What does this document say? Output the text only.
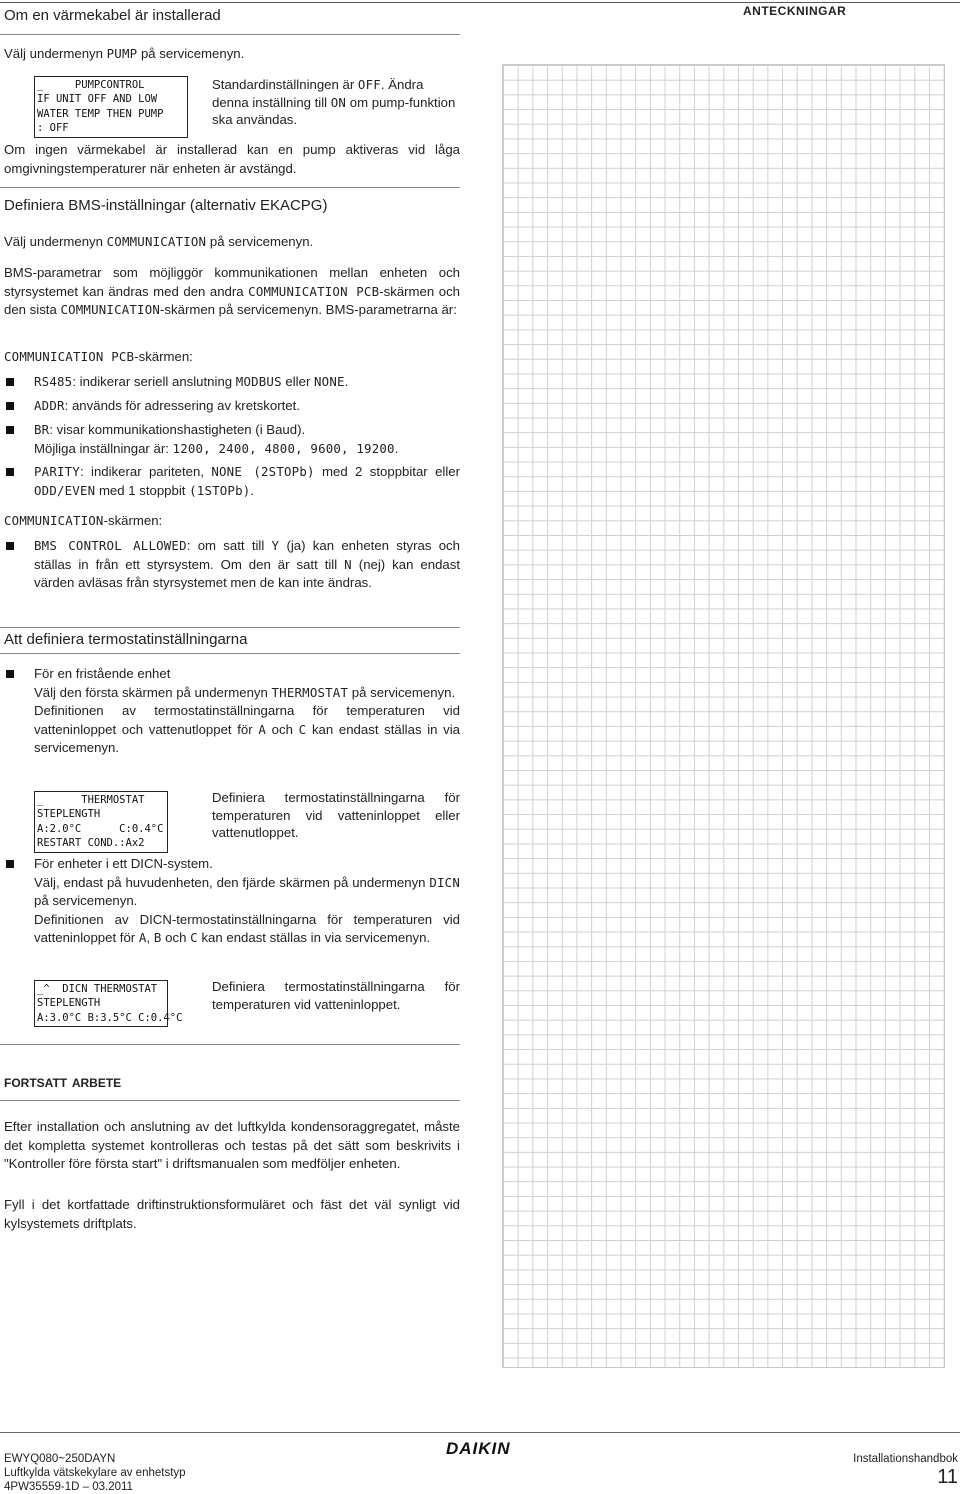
Om en värmekabel är installerad	anteckningar
Välj undermenyn PUMP på servicemenyn.
_     PUMPCONTROL
IF UNIT OFF AND LOW
WATER TEMP THEN PUMP
: OFF
Standardinställningen är OFF. Ändra denna inställning till ON om pump-funktion ska användas.
Om ingen värmekabel är installerad kan en pump aktiveras vid låga omgivningstemperaturer när enheten är avstängd.
Definiera BMS-inställningar (alternativ EKACPG)
Välj undermenyn COMMUNICATION på servicemenyn.
BMS-parametrar som möjliggör kommunikationen mellan enheten och styrsystemet kan ändras med den andra COMMUNICATION PCB-skärmen och den sista COMMUNICATION-skärmen på servicemenyn. BMS-parametrarna är:
COMMUNICATION PCB-skärmen:
RS485: indikerar seriell anslutning MODBUS eller NONE.
ADDR: används för adressering av kretskortet.
BR: visar kommunikationshastigheten (i Baud).
Möjliga inställningar är: 1200, 2400, 4800, 9600, 19200.
PARITY: indikerar pariteten, NONE (2STOPb) med 2 stoppbitar eller ODD/EVEN med 1 stoppbit (1STOPb).
COMMUNICATION-skärmen:
BMS CONTROL ALLOWED: om satt till Y (ja) kan enheten styras och ställas in från ett styrsystem. Om den är satt till N (nej) kan endast värden avläsas från styrsystemet men de kan inte ändras.
Att definiera termostatinställningarna
För en fristående enhet
Välj den första skärmen på undermenyn THERMOSTAT på servicemenyn.
Definitionen av termostatinställningarna för temperaturen vid vatteninloppet och vattenutloppet för A och C kan endast ställas in via servicemenyn.
_      THERMOSTAT
STEPLENGTH
A:2.0°C      C:0.4°C
RESTART COND.:Ax2
Definiera termostatinställningarna för temperaturen vid vatteninloppet eller vattenutloppet.
För enheter i ett DICN-system.
Välj, endast på huvudenheten, den fjärde skärmen på undermenyn DICN på servicemenyn.
Definitionen av DICN-termostatinställningarna för temperaturen vid vatteninloppet för A, B och C kan endast ställas in via servicemenyn.
_^  DICN THERMOSTAT
STEPLENGTH
A:3.0°C B:3.5°C C:0.4°C
Definiera termostatinställningarna för temperaturen vid vatteninloppet.
fortsatt arbete
Efter installation och anslutning av det luftkylda kondensoraggregatet, måste det kompletta systemet kontrolleras och testas på det sätt som beskrivits i "Kontroller före första start" i driftsmanualen som medföljer enheten.
Fyll i det kortfattade driftinstruktionsformuläret och fäst det väl synligt vid kylsystemets driftplats.
EWYQ080~250DAYN
Luftkylda vätskekylare av enhetstyp
4PW35559-1D – 03.2011
DAIKIN
Installationshandbok
11
